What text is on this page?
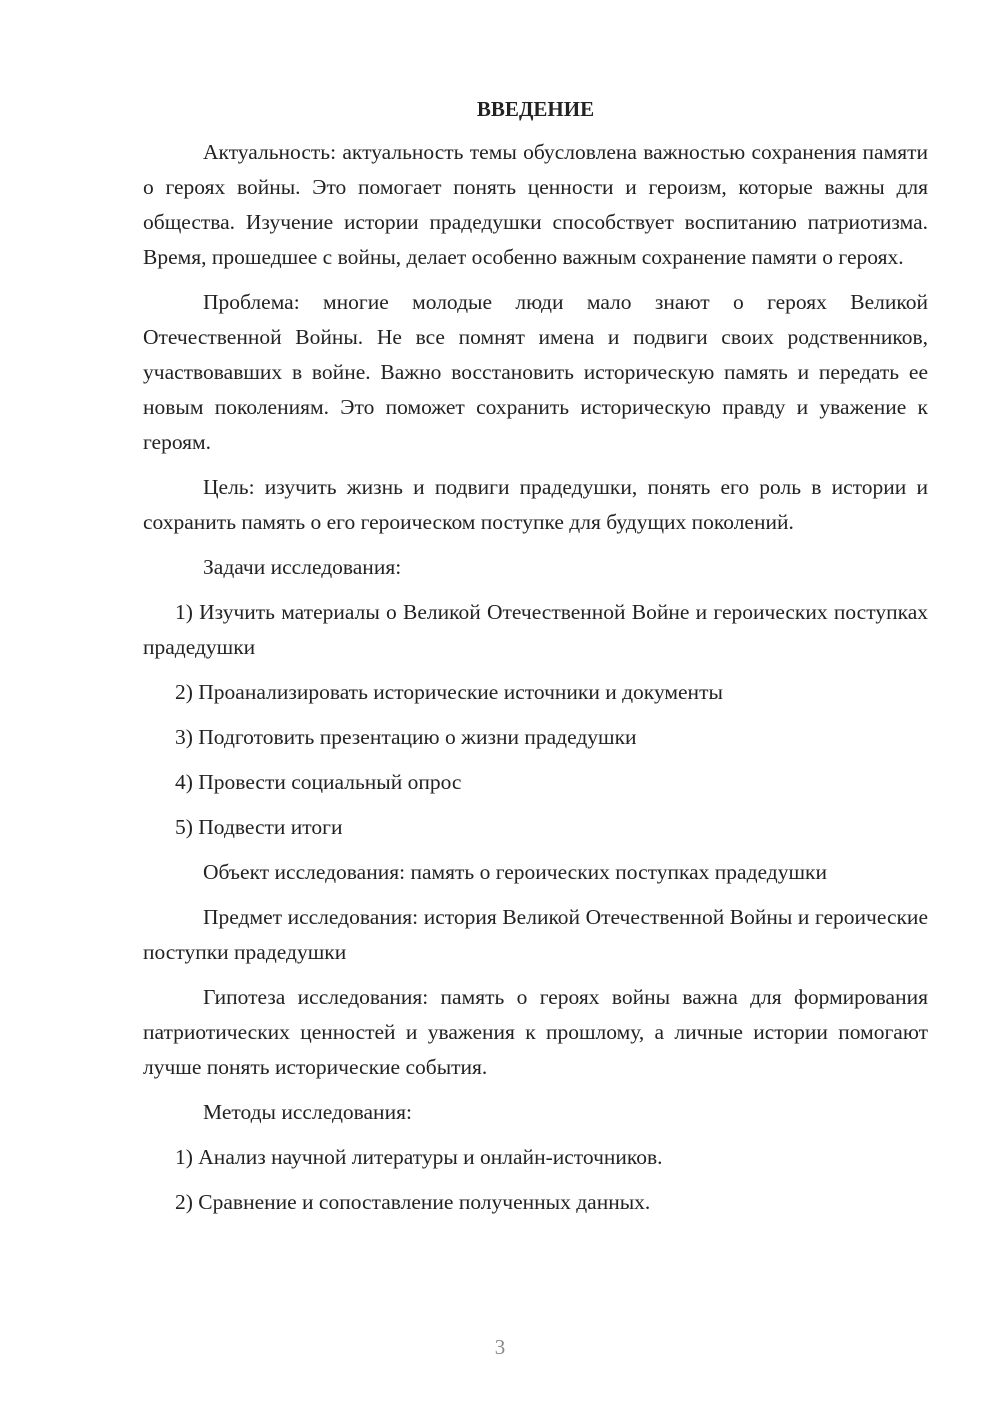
ВВЕДЕНИЕ

Актуальность: актуальность темы обусловлена важностью сохранения памяти о героях войны. Это помогает понять ценности и героизм, которые важны для общества. Изучение истории прадедушки способствует воспитанию патриотизма. Время, прошедшее с войны, делает особенно важным сохранение памяти о героях.

Проблема: многие молодые люди мало знают о героях Великой Отечественной Войны. Не все помнят имена и подвиги своих родственников, участвовавших в войне. Важно восстановить историческую память и передать ее новым поколениям. Это поможет сохранить историческую правду и уважение к героям.

Цель: изучить жизнь и подвиги прадедушки, понять его роль в истории и сохранить память о его героическом поступке для будущих поколений.

Задачи исследования:

1) Изучить материалы о Великой Отечественной Войне и героических поступках прадедушки

2) Проанализировать исторические источники и документы

3) Подготовить презентацию о жизни прадедушки

4) Провести социальный опрос

5) Подвести итоги

Объект исследования: память о героических поступках прадедушки

Предмет исследования: история Великой Отечественной Войны и героические поступки прадедушки

Гипотеза исследования: память о героях войны важна для формирования патриотических ценностей и уважения к прошлому, а личные истории помогают лучше понять исторические события.

Методы исследования:

1) Анализ научной литературы и онлайн-источников.

2) Сравнение и сопоставление полученных данных.

3
